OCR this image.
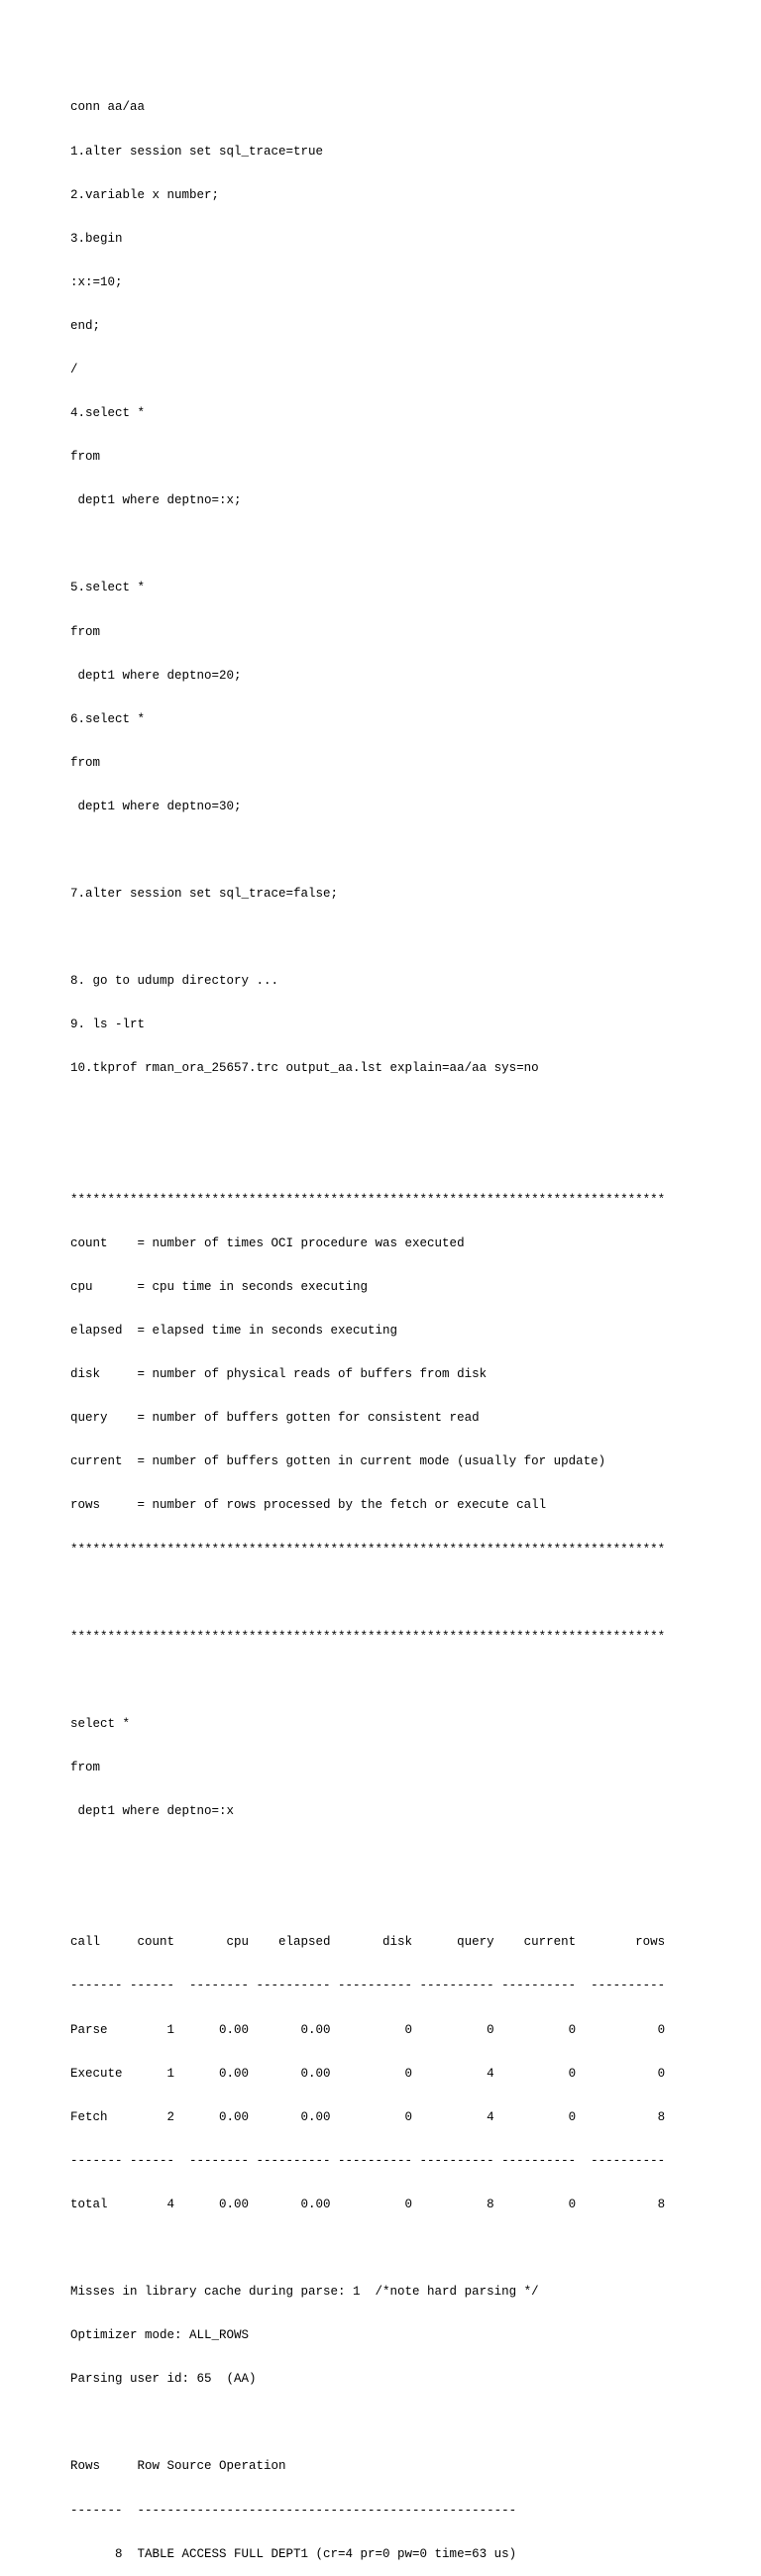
conn aa/aa

1.alter session set sql_trace=true

2.variable x number;

3.begin

:x:=10;

end;

/

4.select *

from

dept1 where deptno=:x;

5.select *

from

dept1 where deptno=20;

6.select *

from

dept1 where deptno=30;

7.alter session set sql_trace=false;

8. go to udump directory ...

9. ls -lrt

10.tkprof rman_ora_25657.trc output_aa.lst explain=aa/aa sys=no

********************************************************************************

count    = number of times OCI procedure was executed

cpu      = cpu time in seconds executing

elapsed  = elapsed time in seconds executing

disk     = number of physical reads of buffers from disk

query    = number of buffers gotten for consistent read

current  = number of buffers gotten in current mode (usually for update)

rows     = number of rows processed by the fetch or execute call

********************************************************************************

********************************************************************************

select *

from

dept1 where deptno=:x

call     count       cpu    elapsed       disk      query    current        rows

------- ------  -------- ---------- ---------- ---------- ----------  ----------

Parse        1      0.00       0.00          0          0          0           0

Execute      1      0.00       0.00          0          4          0           0

Fetch        2      0.00       0.00          0          4          0           8

------- ------  -------- ---------- ---------- ---------- ----------  ----------

total        4      0.00       0.00          0          8          0           8

Misses in library cache during parse: 1  /*note hard parsing */

Optimizer mode: ALL_ROWS

Parsing user id: 65  (AA)

Rows     Row Source Operation

-------  ---------------------------------------------------

8  TABLE ACCESS FULL DEPT1 (cr=4 pr=0 pw=0 time=63 us)
